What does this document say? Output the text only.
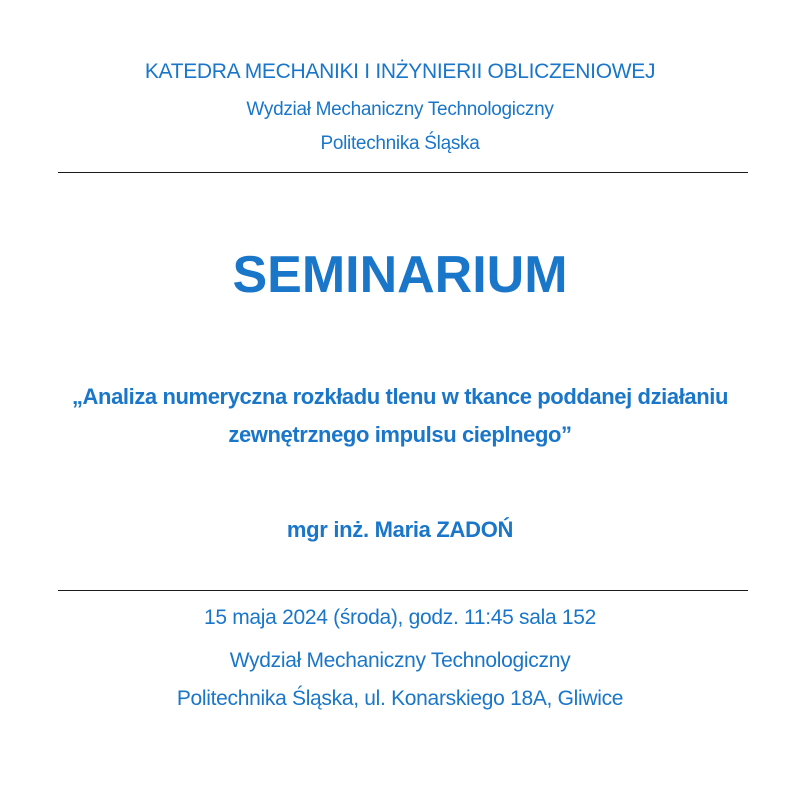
KATEDRA MECHANIKI I INŻYNIERII OBLICZENIOWEJ
Wydział Mechaniczny Technologiczny
Politechnika Śląska
SEMINARIUM
„Analiza numeryczna rozkładu tlenu w tkance poddanej działaniu zewnętrznego impulsu cieplnego”
mgr inż. Maria ZADOŃ
15 maja 2024 (środa), godz. 11:45 sala 152
Wydział Mechaniczny Technologiczny
Politechnika Śląska, ul. Konarskiego 18A, Gliwice
